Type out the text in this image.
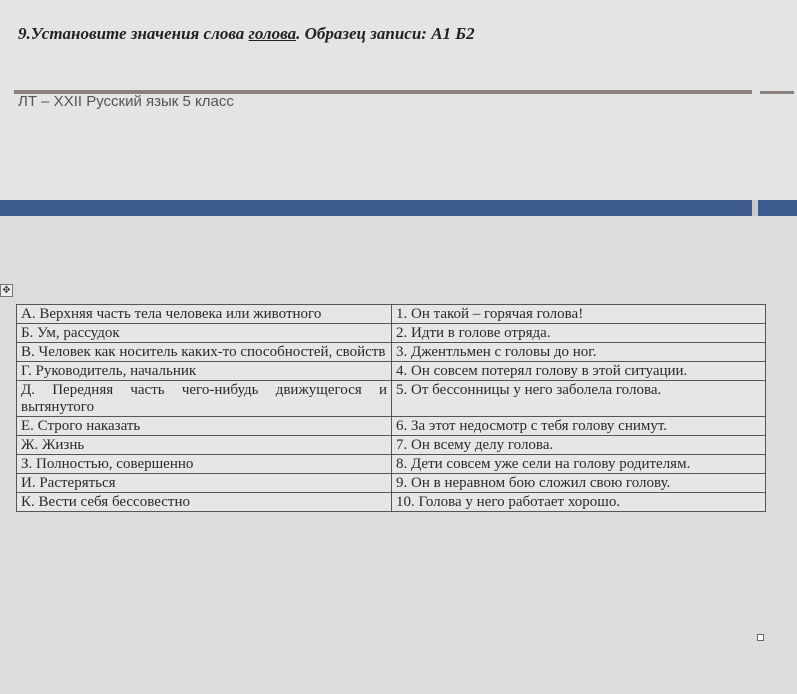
9.Установите значения слова голова. Образец записи: А1 Б2
ЛТ – XXII Русский язык 5 класс
✥
А. Верхняя часть тела человека или животного	1. Он такой – горячая голова!
Б. Ум, рассудок	2. Идти в голове отряда.
В. Человек как носитель каких-то способностей, свойств	3. Джентльмен с головы до ног.
Г. Руководитель, начальник	4. Он совсем потерял голову в этой ситуации.
Д. Передняя часть чего-нибудь движущегося и вытянутого	5. От бессонницы у него заболела голова.
Е. Строго наказать	6. За этот недосмотр с тебя голову снимут.
Ж. Жизнь	7. Он всему делу голова.
З. Полностью, совершенно	8. Дети совсем уже сели на голову родителям.
И. Растеряться	9. Он в неравном бою сложил свою голову.
К. Вести себя бессовестно	10. Голова у него работает хорошо.
